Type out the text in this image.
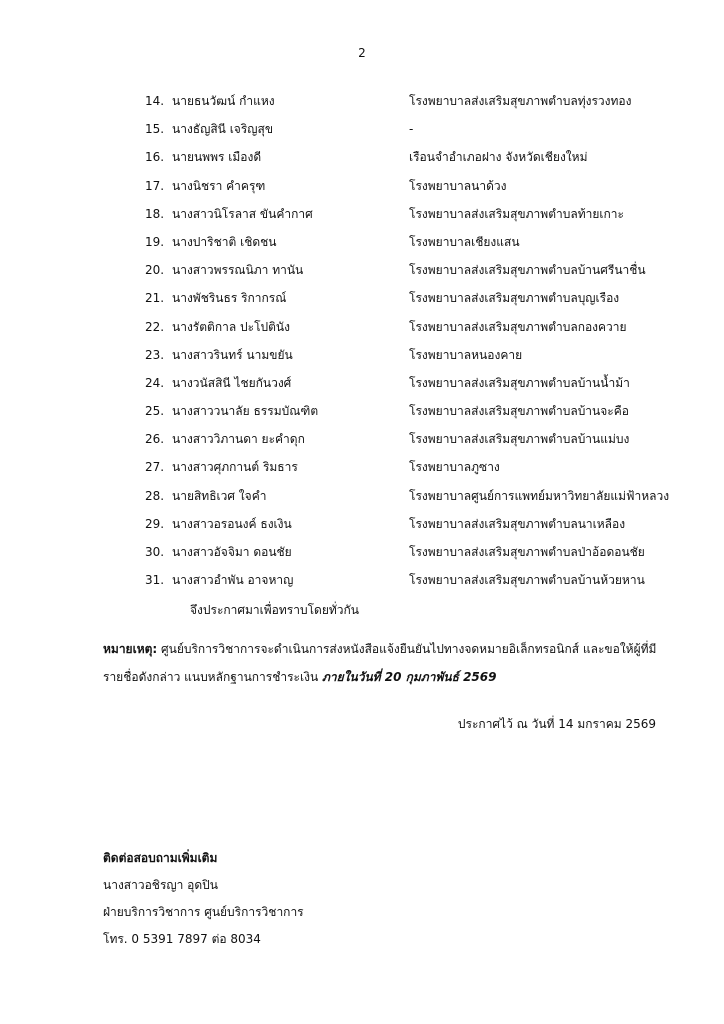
2
14. นายธนวัฒน์ กำแหง	โรงพยาบาลส่งเสริมสุขภาพตำบลทุ่งรวงทอง
15. นางธัญสินี เจริญสุข	-
16. นายนพพร เมืองดี	เรือนจำอำเภอฝาง จังหวัดเชียงใหม่
17. นางนิชรา คำครุฑ	โรงพยาบาลนาด้วง
18. นางสาวนิโรลาส ขันคำกาศ	โรงพยาบาลส่งเสริมสุขภาพตำบลท้ายเกาะ
19. นางปาริชาติ เชิดชน	โรงพยาบาลเชียงแสน
20. นางสาวพรรณนิภา ทานัน	โรงพยาบาลส่งเสริมสุขภาพตำบลบ้านศรีนาชื่น
21. นางพัชรินธร ริกากรณ์	โรงพยาบาลส่งเสริมสุขภาพตำบลบุญเรือง
22. นางรัตติกาล ปะโปตินัง	โรงพยาบาลส่งเสริมสุขภาพตำบลกองควาย
23. นางสาวรินทร์ นามขยัน	โรงพยาบาลหนองคาย
24. นางวนัสสินี ไชยกันวงศ์	โรงพยาบาลส่งเสริมสุขภาพตำบลบ้านน้ำม้า
25. นางสาววนาลัย ธรรมบัณฑิต	โรงพยาบาลส่งเสริมสุขภาพตำบลบ้านจะคือ
26. นางสาววิภานดา ยะคำดุก	โรงพยาบาลส่งเสริมสุขภาพตำบลบ้านแม่บง
27. นางสาวศุภกานต์ ริมธาร	โรงพยาบาลภูซาง
28. นายสิทธิเวศ ใจคำ	โรงพยาบาลศูนย์การแพทย์มหาวิทยาลัยแม่ฟ้าหลวง
29. นางสาวอรอนงค์ ธงเงิน	โรงพยาบาลส่งเสริมสุขภาพตำบลนาเหลือง
30. นางสาวอัจจิมา ดอนชัย	โรงพยาบาลส่งเสริมสุขภาพตำบลป่าอ้อดอนชัย
31. นางสาวอำพัน อาจหาญ	โรงพยาบาลส่งเสริมสุขภาพตำบลบ้านห้วยหาน
จึงประกาศมาเพื่อทราบโดยทั่วกัน
หมายเหตุ: ศูนย์บริการวิชาการจะดำเนินการส่งหนังสือแจ้งยืนยันไปทางจดหมายอิเล็กทรอนิกส์ และขอให้ผู้ที่มีรายชื่อดังกล่าว แนบหลักฐานการชำระเงิน ภายในวันที่ 20 กุมภาพันธ์ 2569
ประกาศไว้ ณ วันที่ 14 มกราคม 2569
ติดต่อสอบถามเพิ่มเติม
นางสาวอชิรญา อุดปิน
ฝ่ายบริการวิชาการ ศูนย์บริการวิชาการ
โทร. 0 5391 7897 ต่อ 8034
